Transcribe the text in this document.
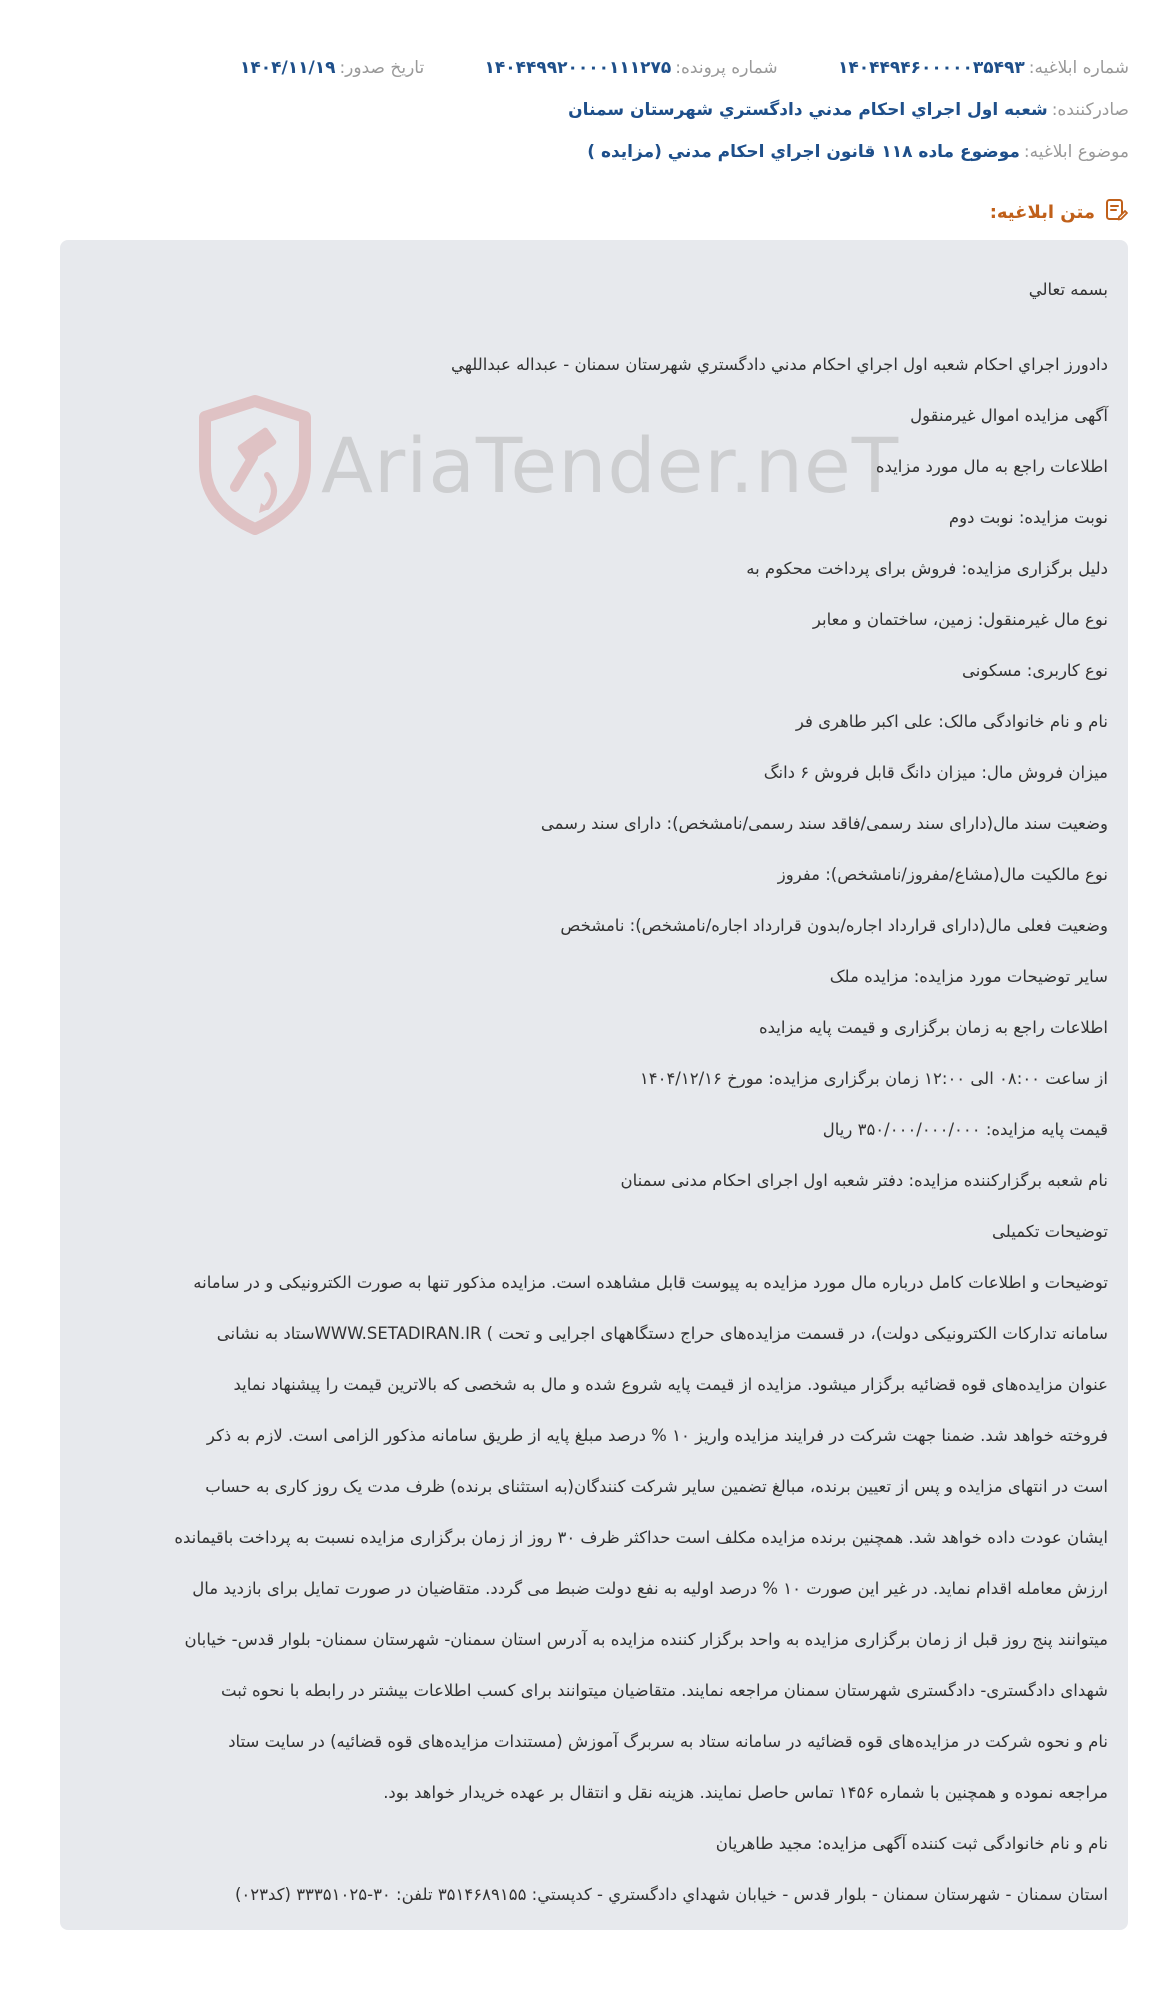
شماره ابلاغيه:
۱۴۰۴۴۹۴۶۰۰۰۰۰۳۵۴۹۳
شماره پرونده:
۱۴۰۴۴۹۹۲۰۰۰۰۱۱۱۲۷۵
تاريخ صدور:
۱۴۰۴/۱۱/۱۹
صادرکننده:
شعبه اول اجراي احكام مدني دادگستري شهرستان سمنان
موضوع ابلاغيه:
موضوع ماده ۱۱۸ قانون اجراي احكام مدني (مزايده )
متن ابلاغيه:
AriaTender.neT
بسمه تعالي
دادورز اجراي احكام شعبه اول اجراي احكام مدني دادگستري شهرستان سمنان - عبداله عبداللهي
آگهی مزایده اموال غیرمنقول
اطلاعات راجع به مال مورد مزایده
نوبت مزایده: نوبت دوم
دلیل برگزاری مزایده: فروش برای پرداخت محکوم به
نوع مال غیرمنقول: زمین، ساختمان و معابر
نوع کاربری: مسکونی
نام و نام خانوادگی مالک: علی اکبر طاهری فر
میزان فروش مال: میزان دانگ قابل فروش ۶ دانگ
وضعیت سند مال(دارای سند رسمی/فاقد سند رسمی/نامشخص): دارای سند رسمی
نوع مالکیت مال(مشاع/مفروز/نامشخص): مفروز
وضعیت فعلی مال(دارای قرارداد اجاره/بدون قرارداد اجاره/نامشخص): نامشخص
سایر توضیحات مورد مزایده: مزایده ملک
اطلاعات راجع به زمان برگزاری و قیمت پایه مزایده
از ساعت ۰۸:۰۰ الی ۱۲:۰۰ زمان برگزاری مزایده: مورخ ۱۴۰۴/۱۲/۱۶
قیمت پایه مزایده: ۳۵۰/۰۰۰/۰۰۰/۰۰۰ ریال
نام شعبه برگزارکننده مزایده: دفتر شعبه اول اجرای احکام مدنی سمنان
توضیحات تکمیلی
توضیحات و اطلاعات کامل درباره مال مورد مزایده به پیوست قابل مشاهده است. مزایده مذکور تنها به صورت الکترونیکی و در سامانه
سامانه تدارکات الکترونیکی دولت)، در قسمت مزایده‌های حراج دستگاههای اجرایی و تحت ) WWW.SETADIRAN.IRستاد به نشانی
عنوان مزایده‌های قوه قضائیه برگزار میشود. مزایده از قیمت پایه شروع شده و مال به شخصی که بالاترین قیمت را پیشنهاد نماید
فروخته خواهد شد. ضمنا جهت شرکت در فرایند مزایده واریز ۱۰ % درصد مبلغ پایه از طریق سامانه مذکور الزامی است. لازم به ذکر
است در انتهای مزایده و پس از تعیین برنده، مبالغ تضمین سایر شرکت کنندگان(به استثنای برنده) ظرف مدت یک روز کاری به حساب
ایشان عودت داده خواهد شد. همچنین برنده مزایده مکلف است حداکثر ظرف ۳۰ روز از زمان برگزاری مزایده نسبت به پرداخت باقیمانده
ارزش معامله اقدام نماید. در غیر این صورت ۱۰ % درصد اولیه به نفع دولت ضبط می گردد. متقاضیان در صورت تمایل برای بازدید مال
میتوانند پنج روز قبل از زمان برگزاری مزایده به واحد برگزار کننده مزایده به آدرس استان سمنان- شهرستان سمنان- بلوار قدس- خیابان
شهدای دادگستری- دادگستری شهرستان سمنان مراجعه نمایند. متقاضیان میتوانند برای کسب اطلاعات بیشتر در رابطه با نحوه ثبت
نام و نحوه شرکت در مزایده‌های قوه قضائیه در سامانه ستاد به سربرگ آموزش (مستندات مزایده‌های قوه قضائیه) در سایت ستاد
مراجعه نموده و همچنین با شماره ۱۴۵۶ تماس حاصل نمایند. هزینه نقل و انتقال بر عهده خریدار خواهد بود.
نام و نام خانوادگی ثبت کننده آگهی مزایده: مجید طاهریان
استان سمنان - شهرستان سمنان - بلوار قدس - خيابان شهداي دادگستري - كدپستي: ۳۵۱۴۶۸۹۱۵۵ تلفن: ۳۰-۳۳۳۵۱۰۲۵ (کد۰۲۳)
